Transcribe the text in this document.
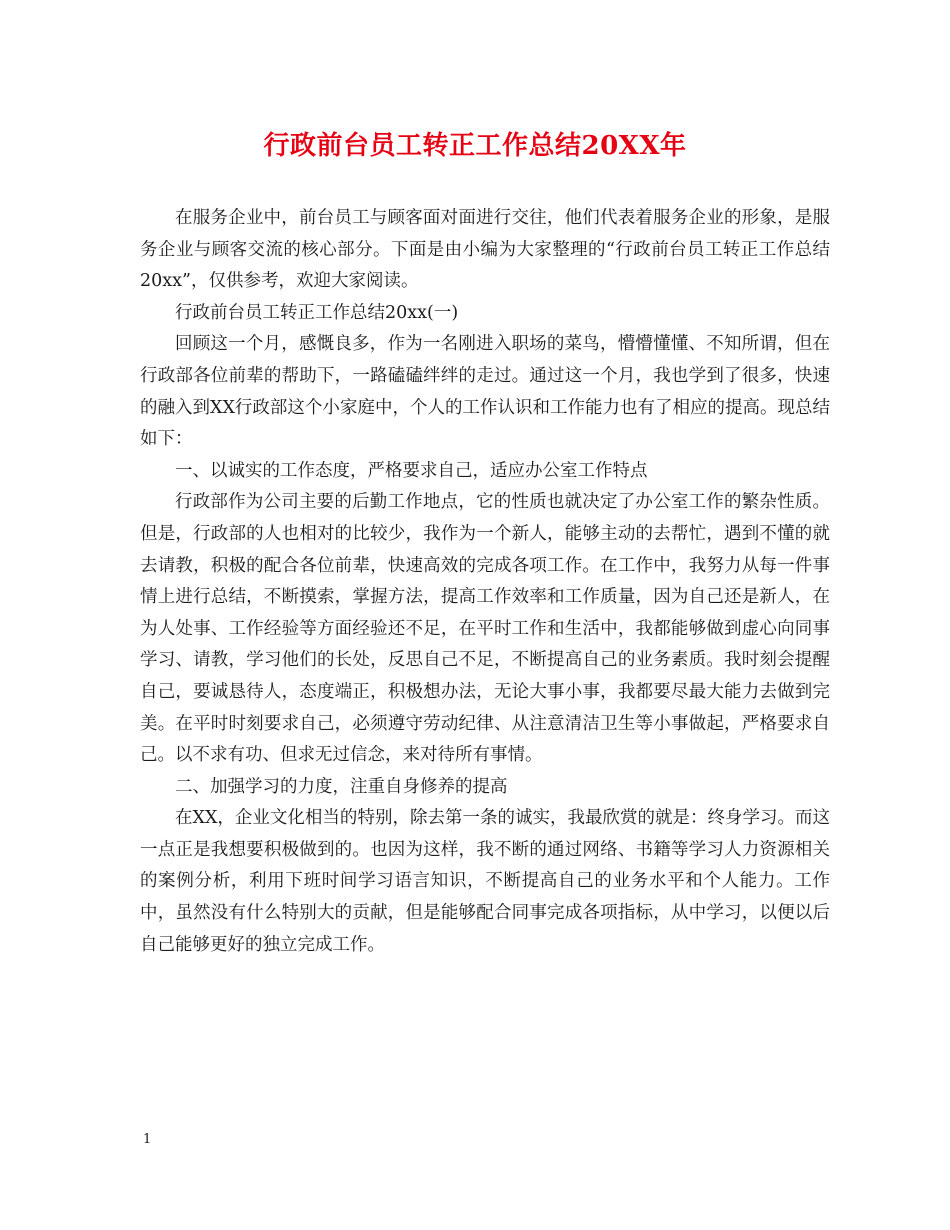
行政前台员工转正工作总结20XX年

在服务企业中，前台员工与顾客面对面进行交往，他们代表着服务企业的形象，是服务企业与顾客交流的核心部分。下面是由小编为大家整理的“行政前台员工转正工作总结20xx”，仅供参考，欢迎大家阅读。

行政前台员工转正工作总结20xx(一)

回顾这一个月，感慨良多，作为一名刚进入职场的菜鸟，懵懵懂懂、不知所谓，但在行政部各位前辈的帮助下，一路磕磕绊绊的走过。通过这一个月，我也学到了很多，快速的融入到XX行政部这个小家庭中，个人的工作认识和工作能力也有了相应的提高。现总结如下：

一、以诚实的工作态度，严格要求自己，适应办公室工作特点

行政部作为公司主要的后勤工作地点，它的性质也就决定了办公室工作的繁杂性质。但是，行政部的人也相对的比较少，我作为一个新人，能够主动的去帮忙，遇到不懂的就去请教，积极的配合各位前辈，快速高效的完成各项工作。在工作中，我努力从每一件事情上进行总结，不断摸索，掌握方法，提高工作效率和工作质量，因为自己还是新人，在为人处事、工作经验等方面经验还不足，在平时工作和生活中，我都能够做到虚心向同事学习、请教，学习他们的长处，反思自己不足，不断提高自己的业务素质。我时刻会提醒自己，要诚恳待人，态度端正，积极想办法，无论大事小事，我都要尽最大能力去做到完美。在平时时刻要求自己，必须遵守劳动纪律、从注意清洁卫生等小事做起，严格要求自己。以不求有功、但求无过信念，来对待所有事情。

二、加强学习的力度，注重自身修养的提高

在XX，企业文化相当的特别，除去第一条的诚实，我最欣赏的就是：终身学习。而这一点正是我想要积极做到的。也因为这样，我不断的通过网络、书籍等学习人力资源相关的案例分析，利用下班时间学习语言知识，不断提高自己的业务水平和个人能力。工作中，虽然没有什么特别大的贡献，但是能够配合同事完成各项指标，从中学习，以便以后自己能够更好的独立完成工作。

1
